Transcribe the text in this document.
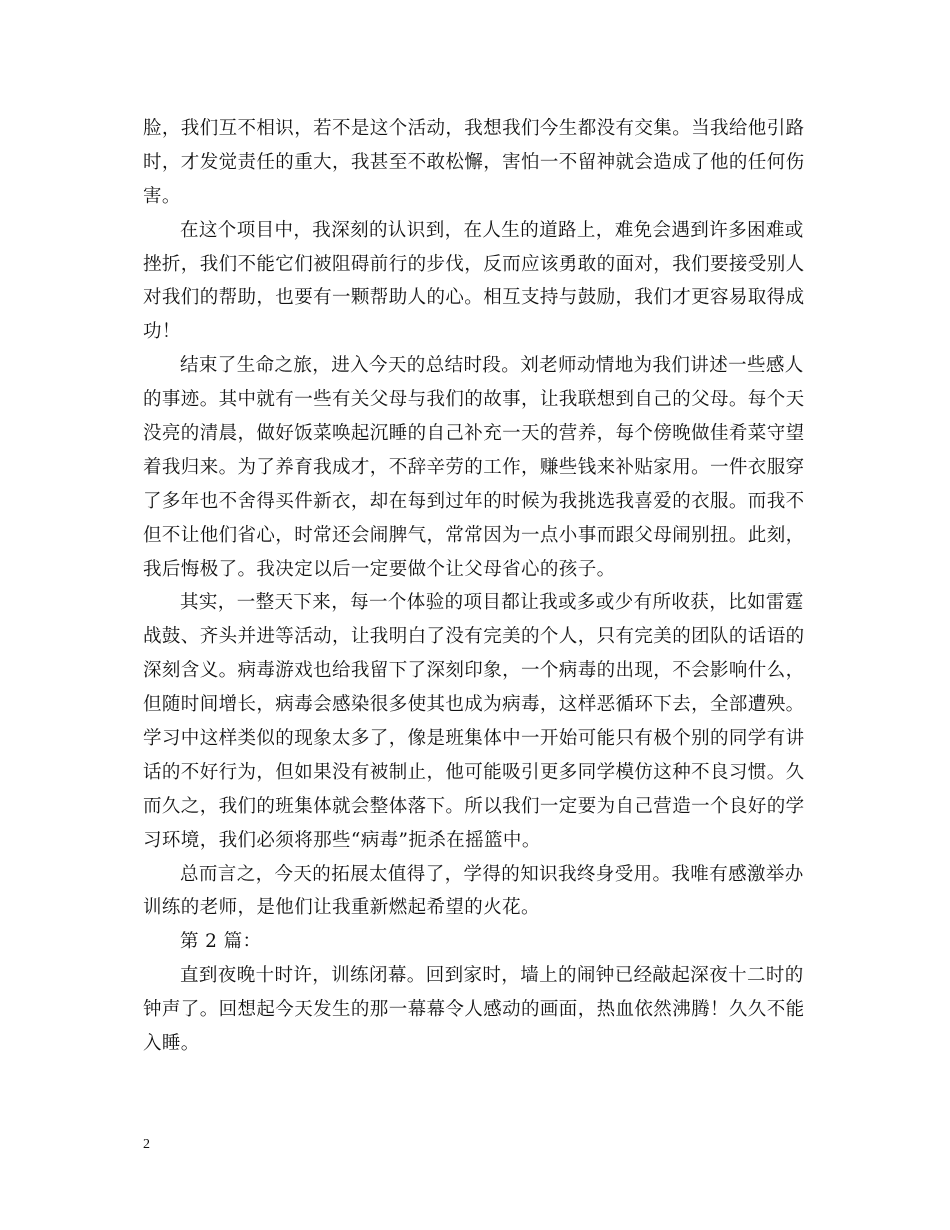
脸，我们互不相识，若不是这个活动，我想我们今生都没有交集。当我给他引路
时，才发觉责任的重大，我甚至不敢松懈，害怕一不留神就会造成了他的任何伤
害。
在这个项目中，我深刻的认识到，在人生的道路上，难免会遇到许多困难或
挫折，我们不能它们被阻碍前行的步伐，反而应该勇敢的面对，我们要接受别人
对我们的帮助，也要有一颗帮助人的心。相互支持与鼓励，我们才更容易取得成
功！
结束了生命之旅，进入今天的总结时段。刘老师动情地为我们讲述一些感人
的事迹。其中就有一些有关父母与我们的故事，让我联想到自己的父母。每个天
没亮的清晨，做好饭菜唤起沉睡的自己补充一天的营养，每个傍晚做佳肴菜守望
着我归来。为了养育我成才，不辞辛劳的工作，赚些钱来补贴家用。一件衣服穿
了多年也不舍得买件新衣，却在每到过年的时候为我挑选我喜爱的衣服。而我不
但不让他们省心，时常还会闹脾气，常常因为一点小事而跟父母闹别扭。此刻，
我后悔极了。我决定以后一定要做个让父母省心的孩子。
其实，一整天下来，每一个体验的项目都让我或多或少有所收获，比如雷霆
战鼓、齐头并进等活动，让我明白了没有完美的个人，只有完美的团队的话语的
深刻含义。病毒游戏也给我留下了深刻印象，一个病毒的出现，不会影响什么，
但随时间增长，病毒会感染很多使其也成为病毒，这样恶循环下去，全部遭殃。
学习中这样类似的现象太多了，像是班集体中一开始可能只有极个别的同学有讲
话的不好行为，但如果没有被制止，他可能吸引更多同学模仿这种不良习惯。久
而久之，我们的班集体就会整体落下。所以我们一定要为自己营造一个良好的学
习环境，我们必须将那些“病毒”扼杀在摇篮中。
总而言之，今天的拓展太值得了，学得的知识我终身受用。我唯有感激举办
训练的老师，是他们让我重新燃起希望的火花。
第 2 篇：
直到夜晚十时许，训练闭幕。回到家时，墙上的闹钟已经敲起深夜十二时的
钟声了。回想起今天发生的那一幕幕令人感动的画面，热血依然沸腾！久久不能
入睡。
2
